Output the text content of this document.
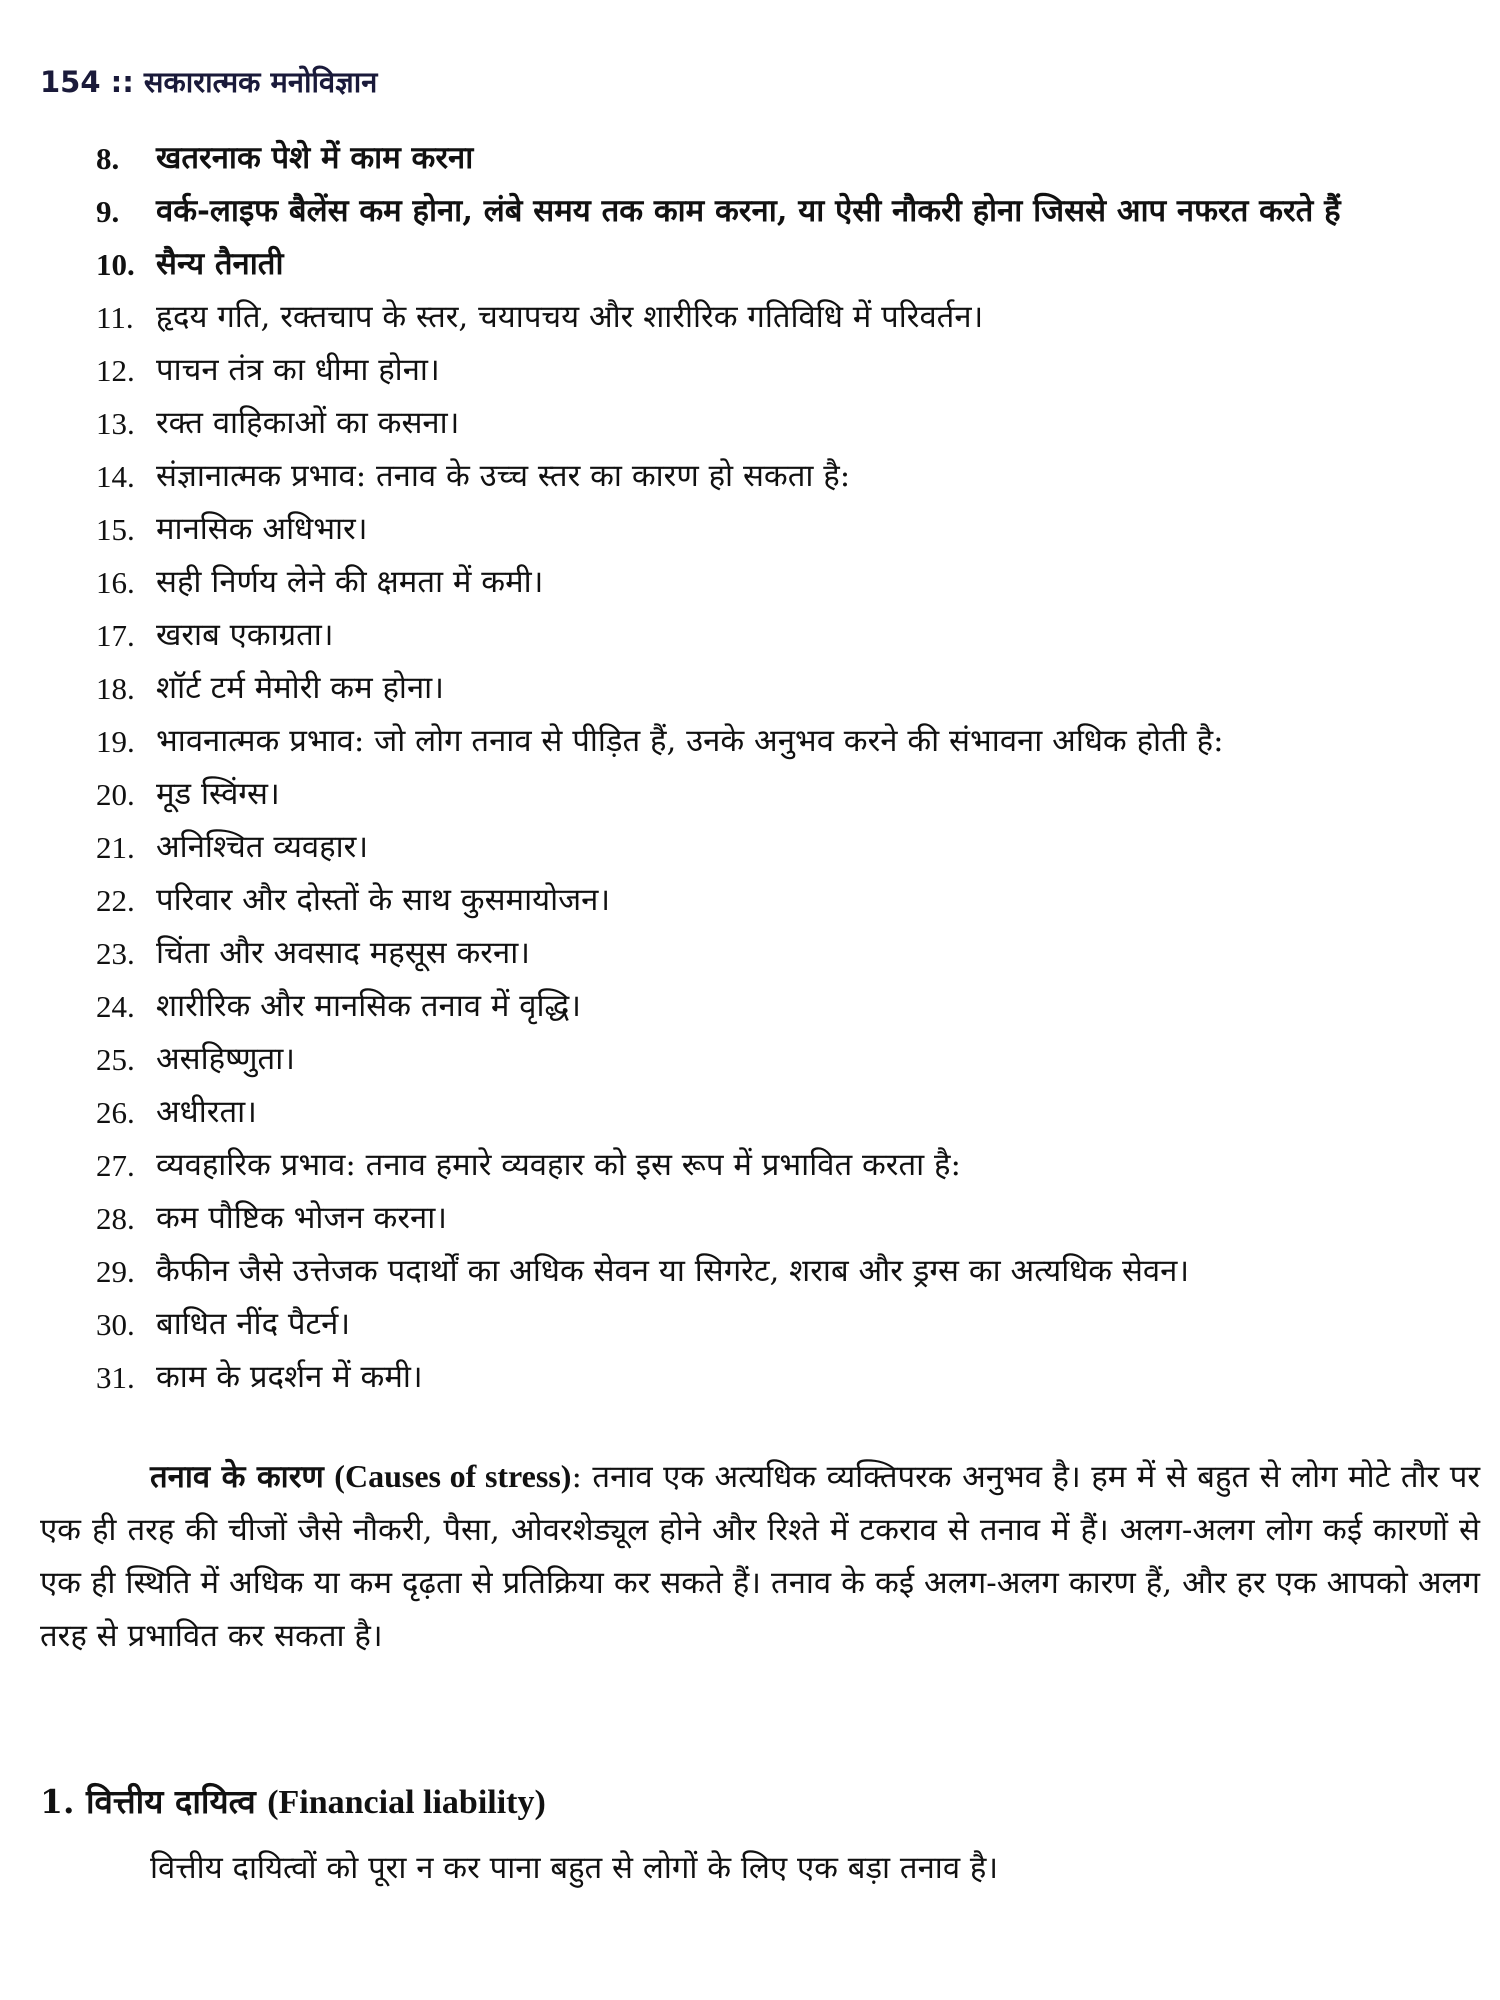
154 :: सकारात्मक मनोविज्ञान
8. खतरनाक पेशे में काम करना
9. वर्क-लाइफ बैलेंस कम होना, लंबे समय तक काम करना, या ऐसी नौकरी होना जिससे आप नफरत करते हैं
10. सैन्य तैनाती
11. हृदय गति, रक्तचाप के स्तर, चयापचय और शारीरिक गतिविधि में परिवर्तन।
12. पाचन तंत्र का धीमा होना।
13. रक्त वाहिकाओं का कसना।
14. संज्ञानात्मक प्रभाव: तनाव के उच्च स्तर का कारण हो सकता है:
15. मानसिक अधिभार।
16. सही निर्णय लेने की क्षमता में कमी।
17. खराब एकाग्रता।
18. शॉर्ट टर्म मेमोरी कम होना।
19. भावनात्मक प्रभाव: जो लोग तनाव से पीड़ित हैं, उनके अनुभव करने की संभावना अधिक होती है:
20. मूड स्विंग्स।
21. अनिश्चित व्यवहार।
22. परिवार और दोस्तों के साथ कुसमायोजन।
23. चिंता और अवसाद महसूस करना।
24. शारीरिक और मानसिक तनाव में वृद्धि।
25. असहिष्णुता।
26. अधीरता।
27. व्यवहारिक प्रभाव: तनाव हमारे व्यवहार को इस रूप में प्रभावित करता है:
28. कम पौष्टिक भोजन करना।
29. कैफीन जैसे उत्तेजक पदार्थों का अधिक सेवन या सिगरेट, शराब और ड्रग्स का अत्यधिक सेवन।
30. बाधित नींद पैटर्न।
31. काम के प्रदर्शन में कमी।

तनाव के कारण (Causes of stress): तनाव एक अत्यधिक व्यक्तिपरक अनुभव है। हम में से बहुत से लोग मोटे तौर पर एक ही तरह की चीजों जैसे नौकरी, पैसा, ओवरशेड्यूल होने और रिश्ते में टकराव से तनाव में हैं। अलग-अलग लोग कई कारणों से एक ही स्थिति में अधिक या कम दृढ़ता से प्रतिक्रिया कर सकते हैं। तनाव के कई अलग-अलग कारण हैं, और हर एक आपको अलग तरह से प्रभावित कर सकता है।

1. वित्तीय दायित्व (Financial liability)
वित्तीय दायित्वों को पूरा न कर पाना बहुत से लोगों के लिए एक बड़ा तनाव है।
